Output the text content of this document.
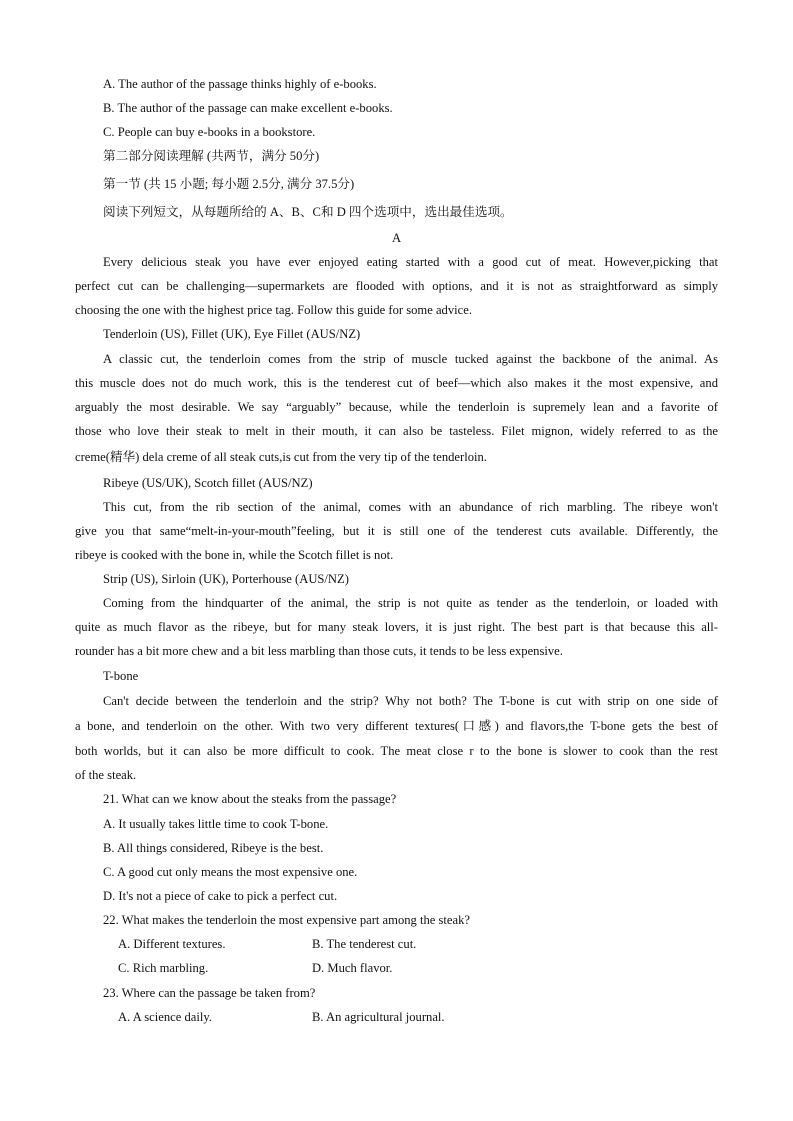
A. The author of the passage thinks highly of e-books.
B. The author of the passage can make excellent e-books.
C. People can buy e-books in a bookstore.
第二部分阅读理解 (共两节，满分 50分)
第一节 (共 15 小题; 每小题 2.5分, 满分 37.5分)
阅读下列短文，从每题所给的 A、B、C和 D 四个选项中，选出最佳选项。
A
Every delicious steak you have ever enjoyed eating started with a good cut of meat. However,picking that
perfect cut can be challenging—supermarkets are flooded with options, and it is not as straightforward as simply
choosing the one with the highest price tag. Follow this guide for some advice.
Tenderloin (US), Fillet (UK), Eye Fillet (AUS/NZ)
A classic cut, the tenderloin comes from the strip of muscle tucked against the backbone of the animal. As
this muscle does not do much work, this is the tenderest cut of beef—which also makes it the most expensive, and
arguably the most desirable. We say “arguably” because, while the tenderloin is supremely lean and a favorite of
those who love their steak to melt in their mouth, it can also be tasteless. Filet mignon, widely referred to as the
creme(精华) dela creme of all steak cuts,is cut from the very tip of the tenderloin.
Ribeye (US/UK), Scotch fillet (AUS/NZ)
This cut, from the rib section of the animal, comes with an abundance of rich marbling. The ribeye won't
give you that same“melt-in-your-mouth”feeling, but it is still one of the tenderest cuts available. Differently, the
ribeye is cooked with the bone in, while the Scotch fillet is not.
Strip (US), Sirloin (UK), Porterhouse (AUS/NZ)
Coming from the hindquarter of the animal, the strip is not quite as tender as the tenderloin, or loaded with
quite as much flavor as the ribeye, but for many steak lovers, it is just right. The best part is that because this all-
rounder has a bit more chew and a bit less marbling than those cuts, it tends to be less expensive.
T-bone
Can't decide between the tenderloin and the strip? Why not both? The T-bone is cut with strip on one side of
a bone, and tenderloin on the other. With two very different textures(口感) and flavors,the T-bone gets the best of
both worlds, but it can also be more difficult to cook. The meat close r to the bone is slower to cook than the rest
of the steak.
21. What can we know about the steaks from the passage?
A. It usually takes little time to cook T-bone.
B. All things considered, Ribeye is the best.
C. A good cut only means the most expensive one.
D. It's not a piece of cake to pick a perfect cut.
22. What makes the tenderloin the most expensive part among the steak?
A. Different textures.	B. The tenderest cut.
C. Rich marbling.	D. Much flavor.
23. Where can the passage be taken from?
A. A science daily.	B. An agricultural journal.
